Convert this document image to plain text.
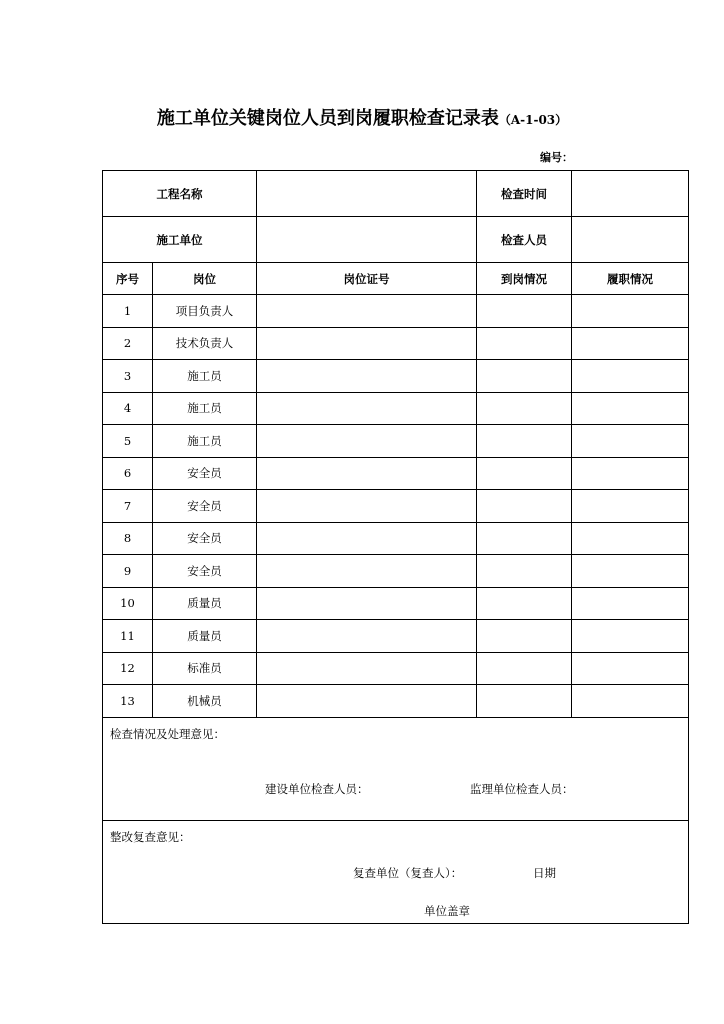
施工单位关键岗位人员到岗履职检查记录表（A-1-03）
编号：
工程名称			检查时间	
施工单位			检查人员	
序号	岗位	岗位证号	到岗情况	履职情况
1	项目负责人			
2	技术负责人			
3	施工员			
4	施工员			
5	施工员			
6	安全员			
7	安全员			
8	安全员			
9	安全员			
10	质量员			
11	质量员			
12	标准员			
13	机械员			

检查情况及处理意见：
建设单位检查人员： 监理单位检查人员：				

整改复查意见：
复查单位（复查人）： 日期
单位盖章				
